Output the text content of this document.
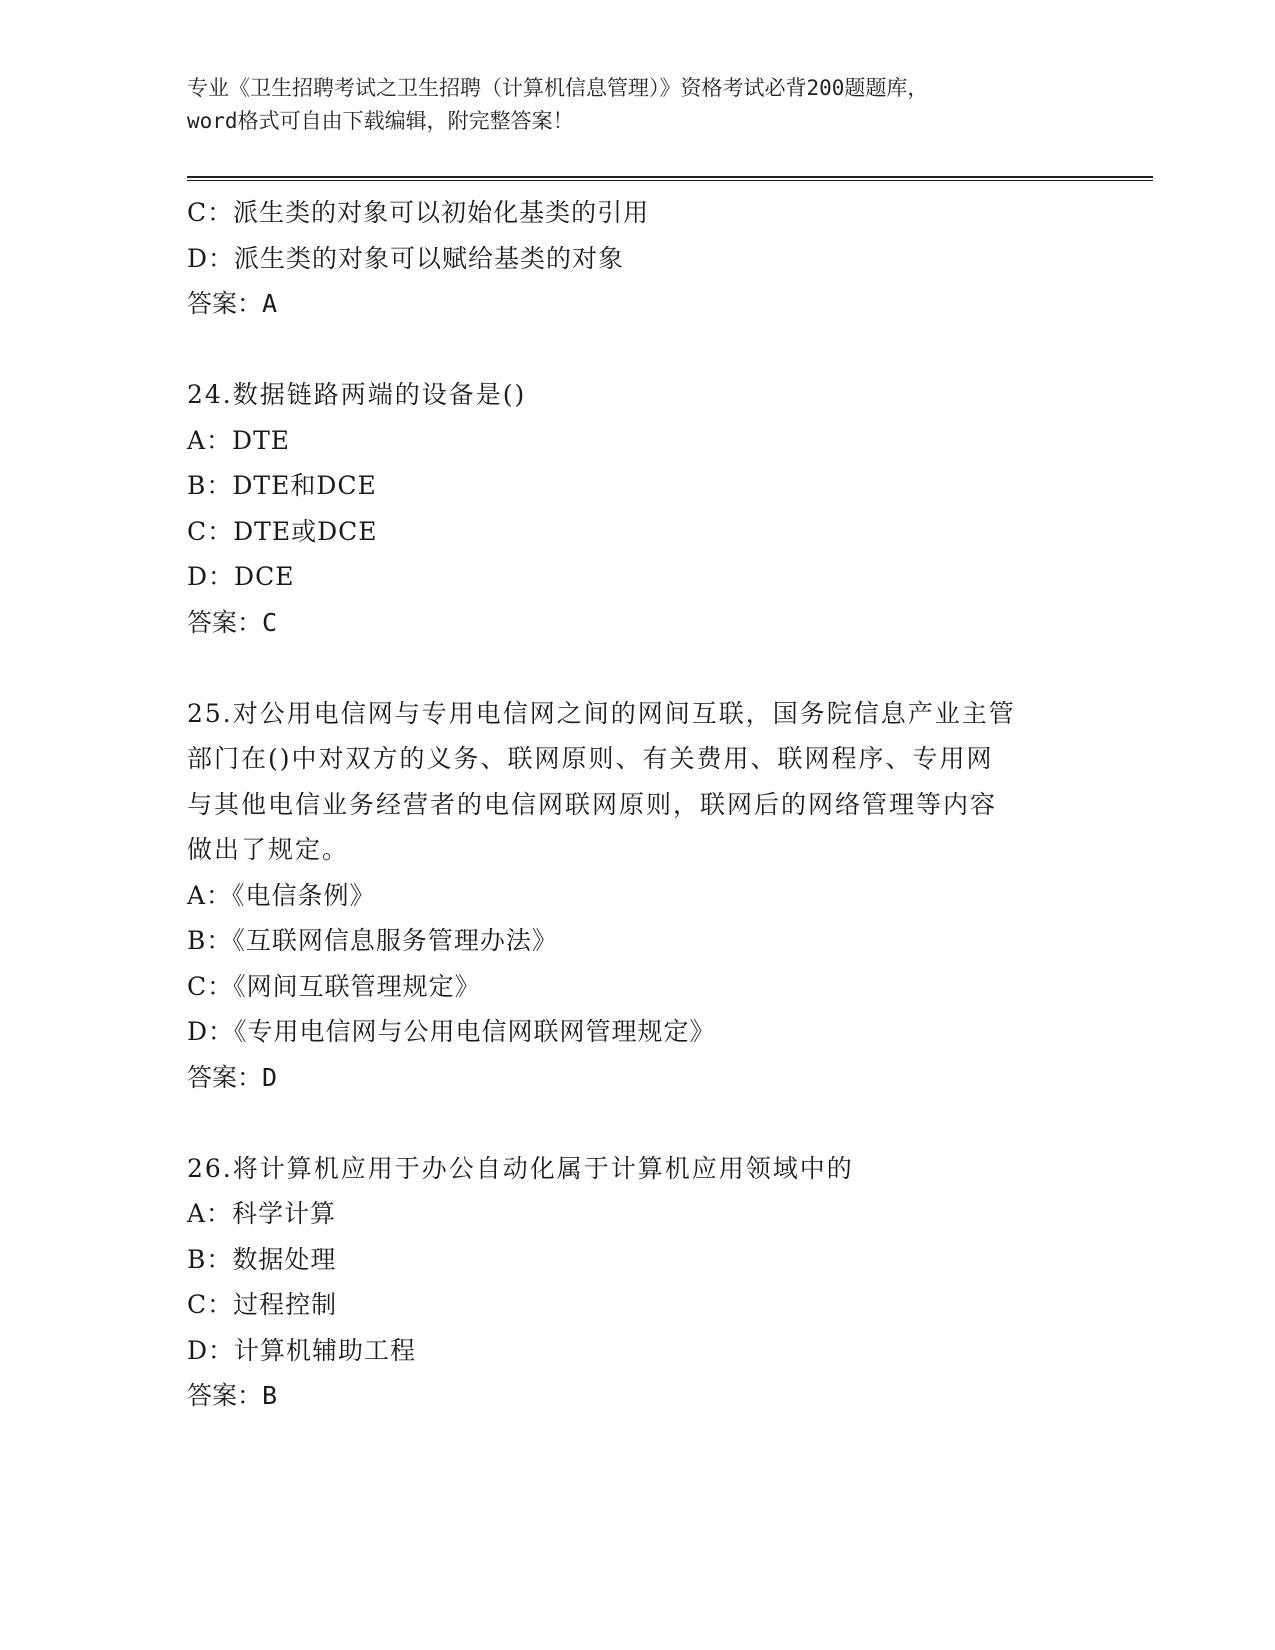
专业《卫生招聘考试之卫生招聘（计算机信息管理）》资格考试必背200题题库，
word格式可自由下载编辑，附完整答案！
C：派生类的对象可以初始化基类的引用
D：派生类的对象可以赋给基类的对象
答案：A
24.数据链路两端的设备是()
A：DTE
B：DTE和DCE
C：DTE或DCE
D：DCE
答案：C
25.对公用电信网与专用电信网之间的网间互联，国务院信息产业主管
部门在()中对双方的义务、联网原则、有关费用、联网程序、专用网
与其他电信业务经营者的电信网联网原则，联网后的网络管理等内容
做出了规定。
A：《电信条例》
B：《互联网信息服务管理办法》
C：《网间互联管理规定》
D：《专用电信网与公用电信网联网管理规定》
答案：D
26.将计算机应用于办公自动化属于计算机应用领域中的
A：科学计算
B：数据处理
C：过程控制
D：计算机辅助工程
答案：B
